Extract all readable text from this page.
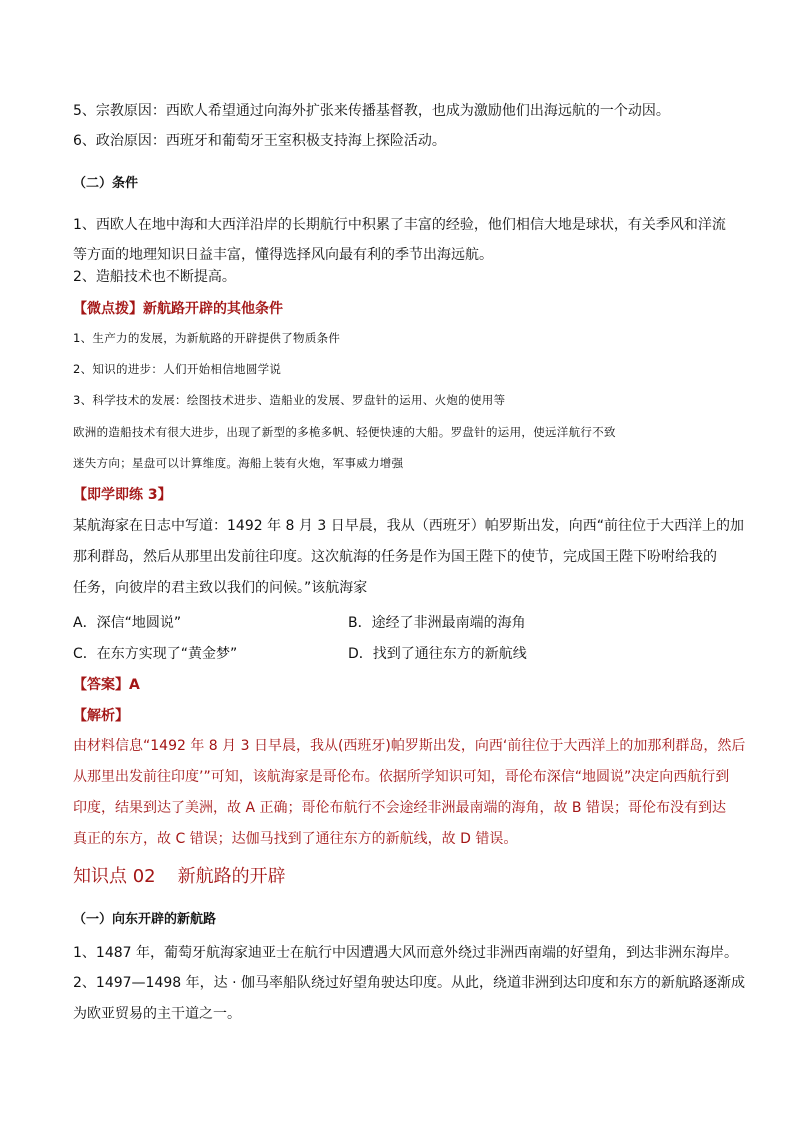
5、宗教原因：西欧人希望通过向海外扩张来传播基督教，也成为激励他们出海远航的一个动因。
6、政治原因：西班牙和葡萄牙王室积极支持海上探险活动。
（二）条件
1、西欧人在地中海和大西洋沿岸的长期航行中积累了丰富的经验，他们相信大地是球状，有关季风和洋流
等方面的地理知识日益丰富，懂得选择风向最有利的季节出海远航。
2、造船技术也不断提高。
【微点拨】新航路开辟的其他条件
1、生产力的发展，为新航路的开辟提供了物质条件
2、知识的进步：人们开始相信地圆学说
3、科学技术的发展：绘图技术进步、造船业的发展、罗盘针的运用、火炮的使用等
欧洲的造船技术有很大进步，出现了新型的多桅多帆、轻便快速的大船。罗盘针的运用，使远洋航行不致
迷失方向；星盘可以计算维度。海船上装有火炮，军事威力增强
【即学即练 3】
某航海家在日志中写道：1492 年 8 月 3 日早晨，我从（西班牙）帕罗斯出发，向西“前往位于大西洋上的加
那利群岛，然后从那里出发前往印度。这次航海的任务是作为国王陛下的使节，完成国王陛下吩咐给我的
任务，向彼岸的君主致以我们的问候。”该航海家
A．深信“地圆说”	B．途经了非洲最南端的海角
C．在东方实现了“黄金梦”	D．找到了通往东方的新航线
【答案】A
【解析】
由材料信息“1492 年 8 月 3 日早晨，我从(西班牙)帕罗斯出发，向西‘前往位于大西洋上的加那利群岛，然后
从那里出发前往印度’”可知，该航海家是哥伦布。依据所学知识可知，哥伦布深信“地圆说”决定向西航行到
印度，结果到达了美洲，故 A 正确；哥伦布航行不会途经非洲最南端的海角，故 B 错误；哥伦布没有到达
真正的东方，故 C 错误；达伽马找到了通往东方的新航线，故 D 错误。
知识点 02 新航路的开辟
（一）向东开辟的新航路
1、1487 年，葡萄牙航海家迪亚士在航行中因遭遇大风而意外绕过非洲西南端的好望角，到达非洲东海岸。
2、1497—1498 年，达 · 伽马率船队绕过好望角驶达印度。从此，绕道非洲到达印度和东方的新航路逐渐成
为欧亚贸易的主干道之一。
